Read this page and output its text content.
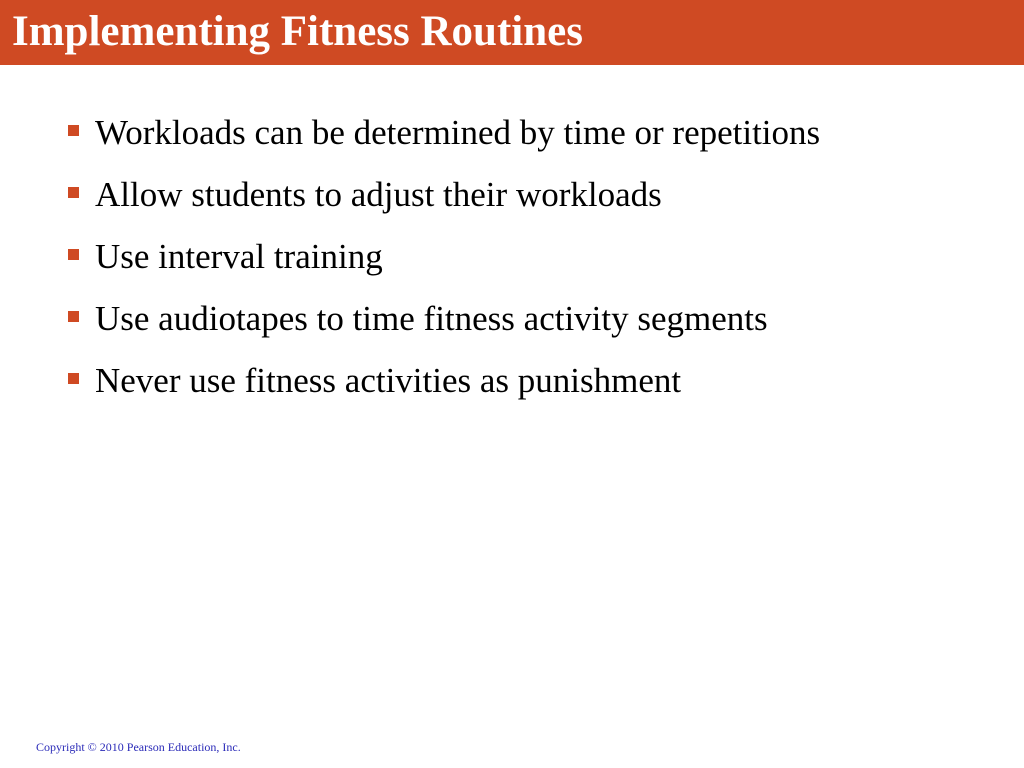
Implementing Fitness Routines
Workloads can be determined by time or repetitions
Allow students to adjust their workloads
Use interval training
Use audiotapes to time fitness activity segments
Never use fitness activities as punishment

Copyright © 2010 Pearson Education, Inc.
